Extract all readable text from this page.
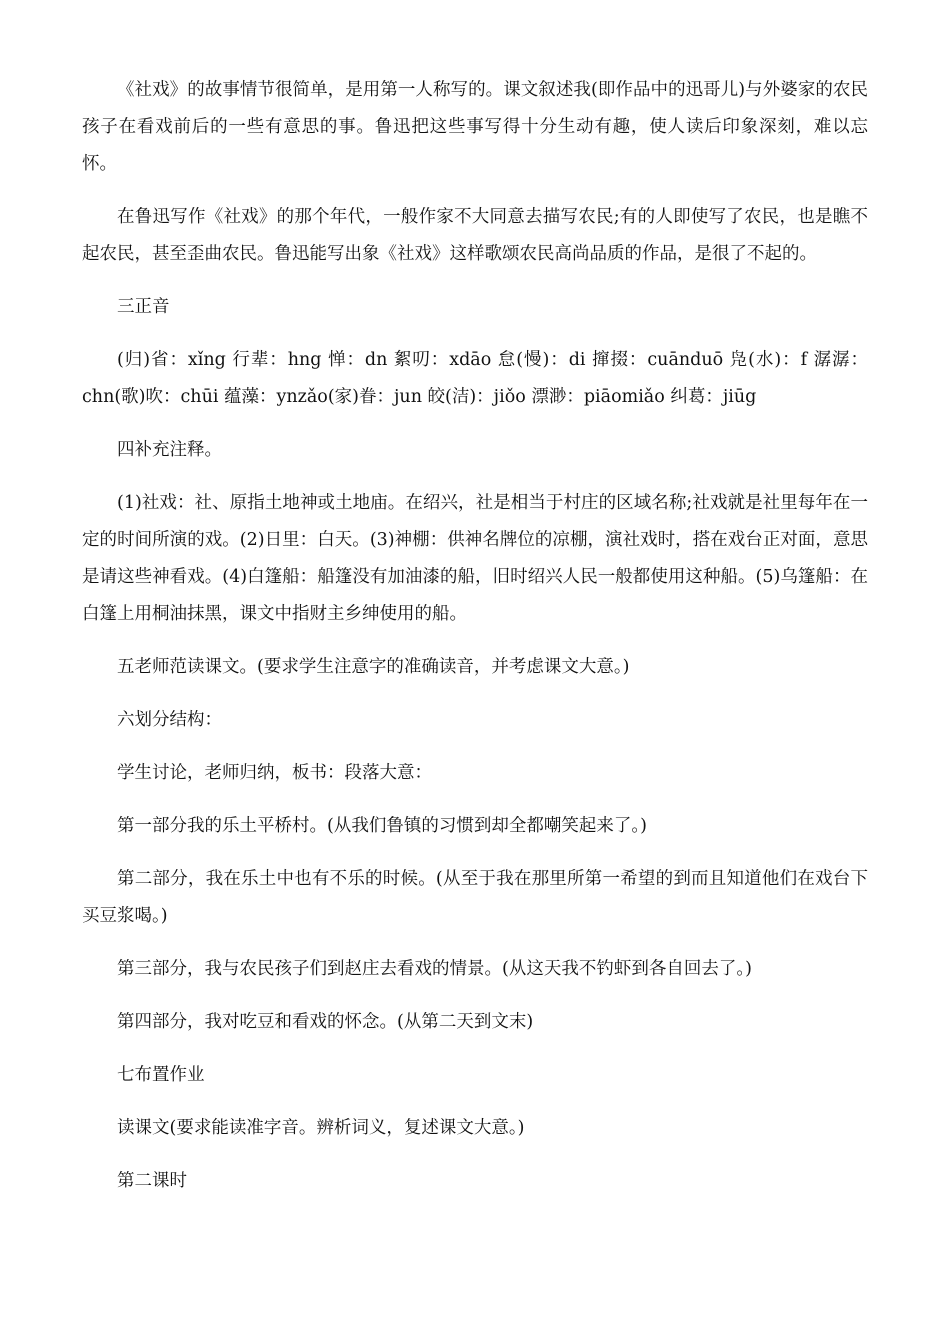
《社戏》的故事情节很简单，是用第一人称写的。课文叙述我(即作品中的迅哥儿)与外婆家的农民孩子在看戏前后的一些有意思的事。鲁迅把这些事写得十分生动有趣，使人读后印象深刻，难以忘怀。

在鲁迅写作《社戏》的那个年代，一般作家不大同意去描写农民;有的人即使写了农民，也是瞧不起农民，甚至歪曲农民。鲁迅能写出象《社戏》这样歌颂农民高尚品质的作品，是很了不起的。

三正音

(归)省：xǐng 行辈：hng 惮：dn 絮叨：xdāo 怠(慢)：di 撺掇：cuānduō 凫(水)：f 潺潺：chn(歌)吹：chūi 蕴藻：ynzǎo(家)眷：jun 皎(洁)：jiǒo 漂渺：piāomiǎo 纠葛：jiūg

四补充注释。

(1)社戏：社、原指土地神或土地庙。在绍兴，社是相当于村庄的区域名称;社戏就是社里每年在一定的时间所演的戏。(2)日里：白天。(3)神棚：供神名牌位的凉棚，演社戏时，搭在戏台正对面，意思是请这些神看戏。(4)白篷船：船篷没有加油漆的船，旧时绍兴人民一般都使用这种船。(5)乌篷船：在白篷上用桐油抹黑，课文中指财主乡绅使用的船。

五老师范读课文。(要求学生注意字的准确读音，并考虑课文大意。)

六划分结构：

学生讨论，老师归纳，板书：段落大意：

第一部分我的乐土平桥村。(从我们鲁镇的习惯到却全都嘲笑起来了。)

第二部分，我在乐土中也有不乐的时候。(从至于我在那里所第一希望的到而且知道他们在戏台下买豆浆喝。)

第三部分，我与农民孩子们到赵庄去看戏的情景。(从这天我不钓虾到各自回去了。)

第四部分，我对吃豆和看戏的怀念。(从第二天到文末)

七布置作业

读课文(要求能读准字音。辨析词义，复述课文大意。)

第二课时
